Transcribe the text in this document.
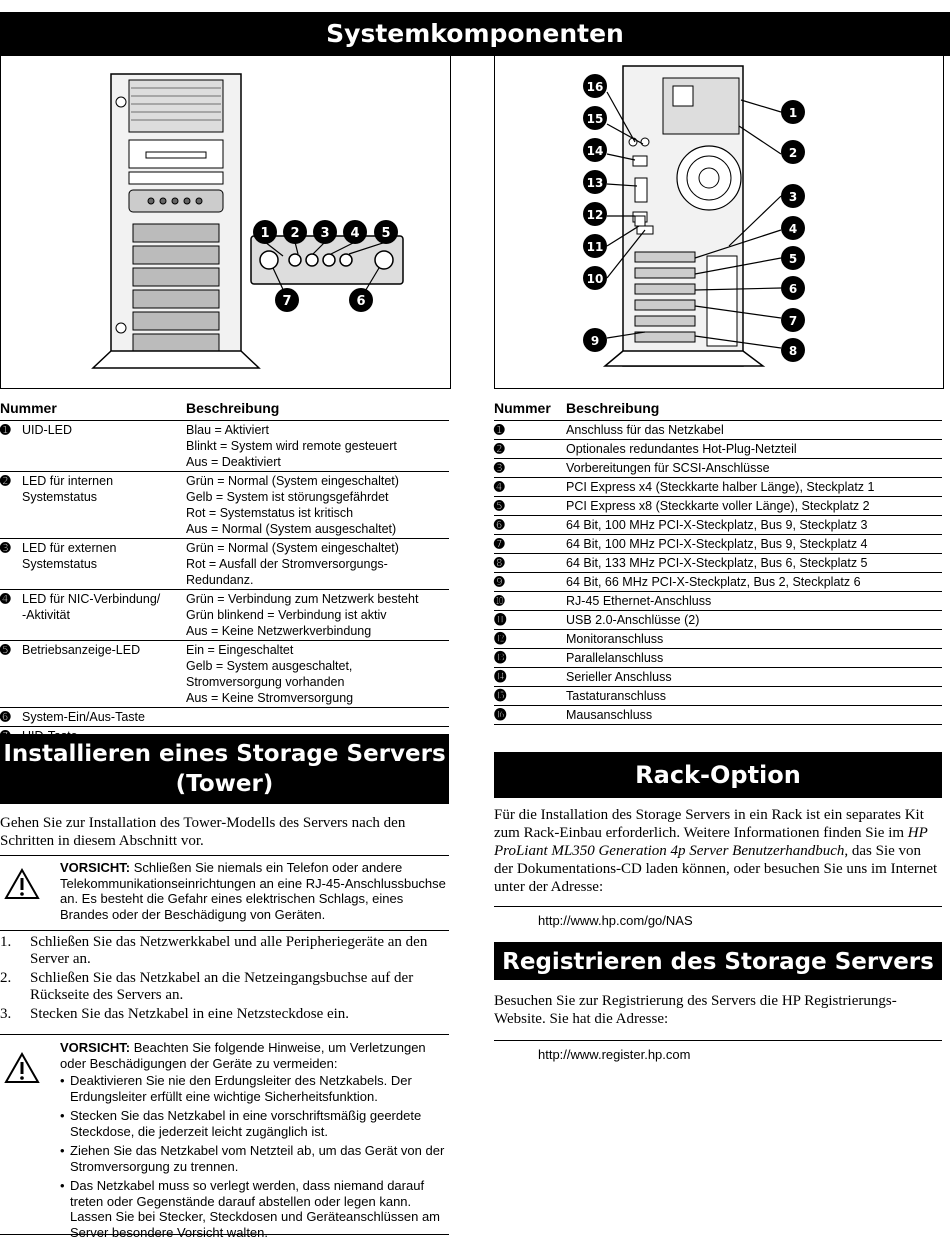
Systemkomponenten
1 2 3 4 5
6
7
1
2
3
4
5
6
7
8
9
10
11
12
13
14
15
16
Nummer	Beschreibung
➊ UID-LED	Blau = Aktiviert
Blinkt = System wird remote gesteuert
Aus = Deaktiviert
➋ LED für internen
Systemstatus	Grün = Normal (System eingeschaltet)
Gelb = System ist störungsgefährdet
Rot = Systemstatus ist kritisch
Aus = Normal (System ausgeschaltet)
➌ LED für externen
Systemstatus	Grün = Normal (System eingeschaltet)
Rot = Ausfall der Stromversorgungs-
Redundanz.
➍ LED für NIC-Verbindung/
-Aktivität	Grün = Verbindung zum Netzwerk besteht
Grün blinkend = Verbindung ist aktiv
Aus = Keine Netzwerkverbindung
➎ Betriebsanzeige-LED	Ein = Eingeschaltet
Gelb = System ausgeschaltet,
Stromversorgung vorhanden
Aus = Keine Stromversorgung
➏ System-Ein/Aus-Taste	

Nummer	Beschreibung
➊	Anschluss für das Netzkabel
➋	Optionales redundantes Hot-Plug-Netzteil
➌	Vorbereitungen für SCSI-Anschlüsse
➍	PCI Express x4 (Steckkarte halber Länge), Steckplatz 1
➎	PCI Express x8 (Steckkarte voller Länge), Steckplatz 2
➏	64 Bit, 100 MHz PCI-X-Steckplatz, Bus 9, Steckplatz 3
➐	64 Bit, 100 MHz PCI-X-Steckplatz, Bus 9, Steckplatz 4
➑	64 Bit, 133 MHz PCI-X-Steckplatz, Bus 6, Steckplatz 5
➒	64 Bit, 66 MHz PCI-X-Steckplatz, Bus 2, Steckplatz 6
➓	RJ-45 Ethernet-Anschluss
⓫	USB 2.0-Anschlüsse (2)
⓬	Monitoranschluss
⓭	Parallelanschluss
⓮	Serieller Anschluss
⓯	Tastaturanschluss
⓰	Mausanschluss
Installieren eines Storage Servers
(Tower)
Gehen Sie zur Installation des Tower-Modells des Servers nach den Schritten in diesem Abschnitt vor.
VORSICHT: Schließen Sie niemals ein Telefon oder andere Telekommunikationseinrichtungen an eine RJ-45-Anschlussbuchse an. Es besteht die Gefahr eines elektrischen Schlags, eines Brandes oder der Beschädigung von Geräten.
1. Schließen Sie das Netzwerkkabel und alle Peripheriegeräte an den Server an.
2. Schließen Sie das Netzkabel an die Netzeingangsbuchse auf der Rückseite des Servers an.
3. Stecken Sie das Netzkabel in eine Netzsteckdose ein.
VORSICHT: Beachten Sie folgende Hinweise, um Verletzungen oder Beschädigungen der Geräte zu vermeiden:
• Deaktivieren Sie nie den Erdungsleiter des Netzkabels. Der Erdungsleiter erfüllt eine wichtige Sicherheitsfunktion.
• Stecken Sie das Netzkabel in eine vorschriftsmäßig geerdete Steckdose, die jederzeit leicht zugänglich ist.
• Ziehen Sie das Netzkabel vom Netzteil ab, um das Gerät von der Stromversorgung zu trennen.
• Das Netzkabel muss so verlegt werden, dass niemand darauf treten oder Gegenstände darauf abstellen oder legen kann. Lassen Sie bei Stecker, Steckdosen und Geräteanschlüssen am Server besondere Vorsicht walten.
Rack-Option
Für die Installation des Storage Servers in ein Rack ist ein separates Kit zum Rack-Einbau erforderlich. Weitere Informationen finden Sie im HP ProLiant ML350 Generation 4p Server Benutzerhandbuch, das Sie von der Dokumentations-CD laden können, oder besuchen Sie uns im Internet unter der Adresse:
http://www.hp.com/go/NAS
Registrieren des Storage Servers
Besuchen Sie zur Registrierung des Servers die HP Registrierungs-Website. Sie hat die Adresse:
http://www.register.hp.com
